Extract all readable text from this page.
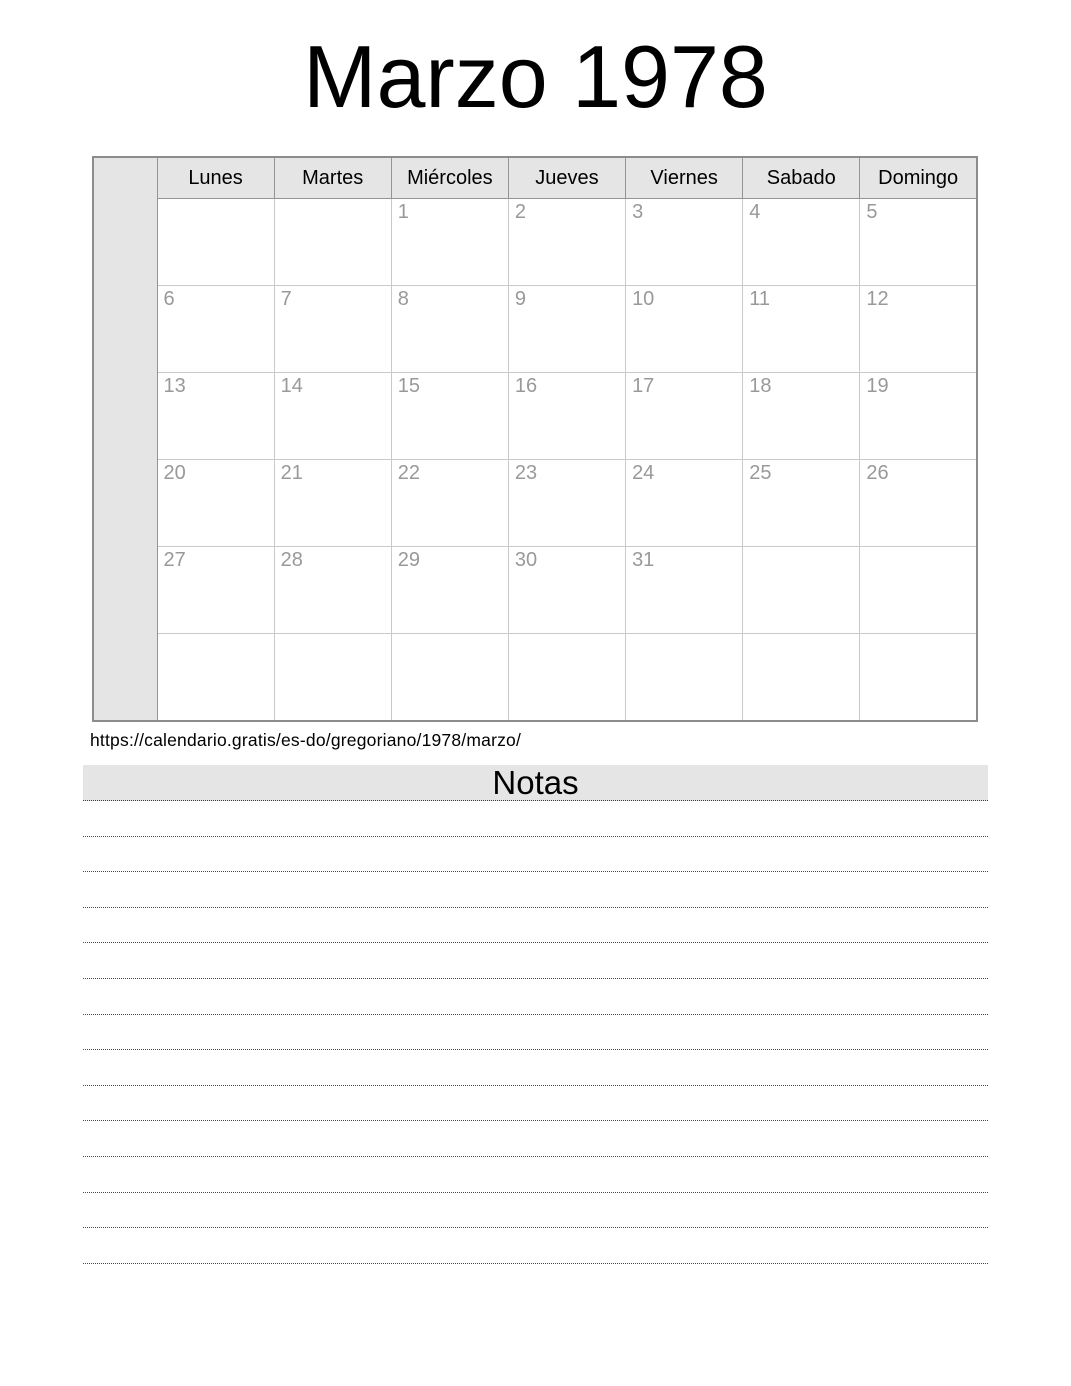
Marzo 1978
	Lunes	Martes	Miércoles	Jueves	Viernes	Sabado	Domingo
			1	2	3	4	5
	6	7	8	9	10	11	12
	13	14	15	16	17	18	19
	20	21	22	23	24	25	26
	27	28	29	30	31		

https://calendario.gratis/es-do/gregoriano/1978/marzo/
Notas
